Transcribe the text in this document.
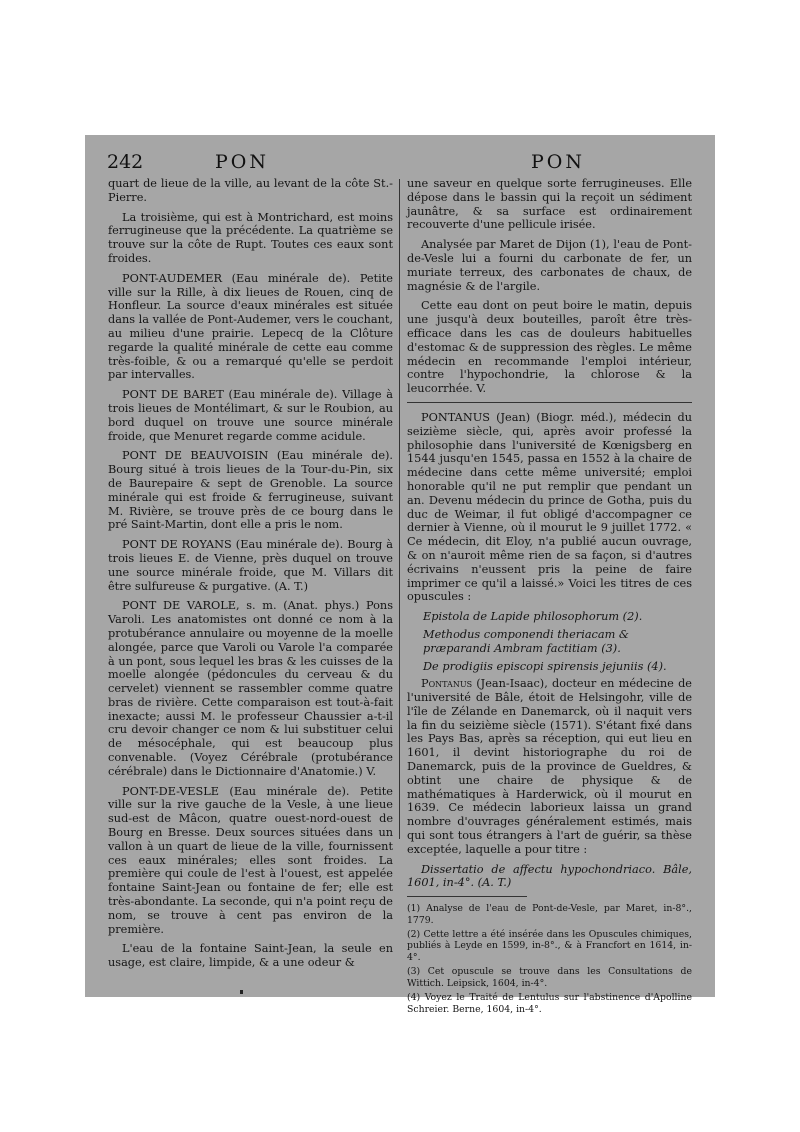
242	PON	PON

quart de lieue de la ville, au levant de la côte St.-Pierre.

La troisième, qui est à Montrichard, est moins ferrugineuse que la précédente. La quatrième se trouve sur la côte de Rupt. Toutes ces eaux sont froides.

PONT-AUDEMER (Eau minérale de). Petite ville sur la Rille, à dix lieues de Rouen, cinq de Honfleur. La source d'eaux minérales est située dans la vallée de Pont-Audemer, vers le couchant, au milieu d'une prairie. Lepecq de la Clôture regarde la qualité minérale de cette eau comme très-foible, & ou a remarqué qu'elle se perdoit par intervalles.

PONT DE BARET (Eau minérale de). Village à trois lieues de Montélimart, & sur le Roubion, au bord duquel on trouve une source minérale froide, que Menuret regarde comme acidule.

PONT DE BEAUVOISIN (Eau minérale de). Bourg situé à trois lieues de la Tour-du-Pin, six de Baurepaire & sept de Grenoble. La source minérale qui est froide & ferrugineuse, suivant M. Rivière, se trouve près de ce bourg dans le pré Saint-Martin, dont elle a pris le nom.

PONT DE ROYANS (Eau minérale de). Bourg à trois lieues E. de Vienne, près duquel on trouve une source minérale froide, que M. Villars dit être sulfureuse & purgative. (A. T.)

PONT DE VAROLE, s. m. (Anat. phys.) Pons Varoli. Les anatomistes ont donné ce nom à la protubérance annulaire ou moyenne de la moelle alongée, parce que Varoli ou Varole l'a comparée à un pont, sous lequel les bras & les cuisses de la moelle alongée (pédoncules du cerveau & du cervelet) viennent se rassembler comme quatre bras de rivière. Cette comparaison est tout-à-fait inexacte; aussi M. le professeur Chaussier a-t-il cru devoir changer ce nom & lui substituer celui de mésocéphale, qui est beaucoup plus convenable. (Voyez Cérébrale (protubérance cérébrale) dans le Dictionnaire d'Anatomie.) V.

PONT-DE-VESLE (Eau minérale de). Petite ville sur la rive gauche de la Vesle, à une lieue sud-est de Mâcon, quatre ouest-nord-ouest de Bourg en Bresse. Deux sources situées dans un vallon à un quart de lieue de la ville, fournissent ces eaux minérales; elles sont froides. La première qui coule de l'est à l'ouest, est appelée fontaine Saint-Jean ou fontaine de fer; elle est très-abondante. La seconde, qui n'a point reçu de nom, se trouve à cent pas environ de la première.

L'eau de la fontaine Saint-Jean, la seule en usage, est claire, limpide, & a une odeur &

une saveur en quelque sorte ferrugineuses. Elle dépose dans le bassin qui la reçoit un sédiment jaunâtre, & sa surface est ordinairement recouverte d'une pellicule irisée.

Analysée par Maret de Dijon (1), l'eau de Pont-de-Vesle lui a fourni du carbonate de fer, un muriate terreux, des carbonates de chaux, de magnésie & de l'argile.

Cette eau dont on peut boire le matin, depuis une jusqu'à deux bouteilles, paroît être très-efficace dans les cas de douleurs habituelles d'estomac & de suppression des règles. Le même médecin en recommande l'emploi intérieur, contre l'hypochondrie, la chlorose & la leucorrhée. V.

PONTANUS (Jean) (Biogr. méd.), médecin du seizième siècle, qui, après avoir professé la philosophie dans l'université de Kœnigsberg en 1544 jusqu'en 1545, passa en 1552 à la chaire de médecine dans cette même université; emploi honorable qu'il ne put remplir que pendant un an. Devenu médecin du prince de Gotha, puis du duc de Weimar, il fut obligé d'accompagner ce dernier à Vienne, où il mourut le 9 juillet 1772. « Ce médecin, dit Eloy, n'a publié aucun ouvrage, & on n'auroit même rien de sa façon, si d'autres écrivains n'eussent pris la peine de faire imprimer ce qu'il a laissé.» Voici les titres de ces opuscules :

Epistola de Lapide philosophorum (2).

Methodus componendi theriacam & præparandi Ambram factitiam (3).

De prodigiis episcopi spirensis jejuniis (4).

Pontanus (Jean-Isaac), docteur en médecine de l'université de Bâle, étoit de Helsingohr, ville de l'île de Zélande en Danemarck, où il naquit vers la fin du seizième siècle (1571). S'étant fixé dans les Pays Bas, après sa réception, qui eut lieu en 1601, il devint historiographe du roi de Danemarck, puis de la province de Gueldres, & obtint une chaire de physique & de mathématiques à Harderwick, où il mourut en 1639. Ce médecin laborieux laissa un grand nombre d'ouvrages généralement estimés, mais qui sont tous étrangers à l'art de guérir, sa thèse exceptée, laquelle a pour titre :

Dissertatio de affectu hypochondriaco. Bâle, 1601, in-4°. (A. T.)

(1) Analyse de l'eau de Pont-de-Vesle, par Maret, in-8°., 1779.

(2) Cette lettre a été insérée dans les Opuscules chimiques, publiés à Leyde en 1599, in-8°., & à Francfort en 1614, in-4°.

(3) Cet opuscule se trouve dans les Consultations de Wittich. Leipsick, 1604, in-4°.

(4) Voyez le Traité de Lentulus sur l'abstinence d'Apolline Schreier. Berne, 1604, in-4°.
